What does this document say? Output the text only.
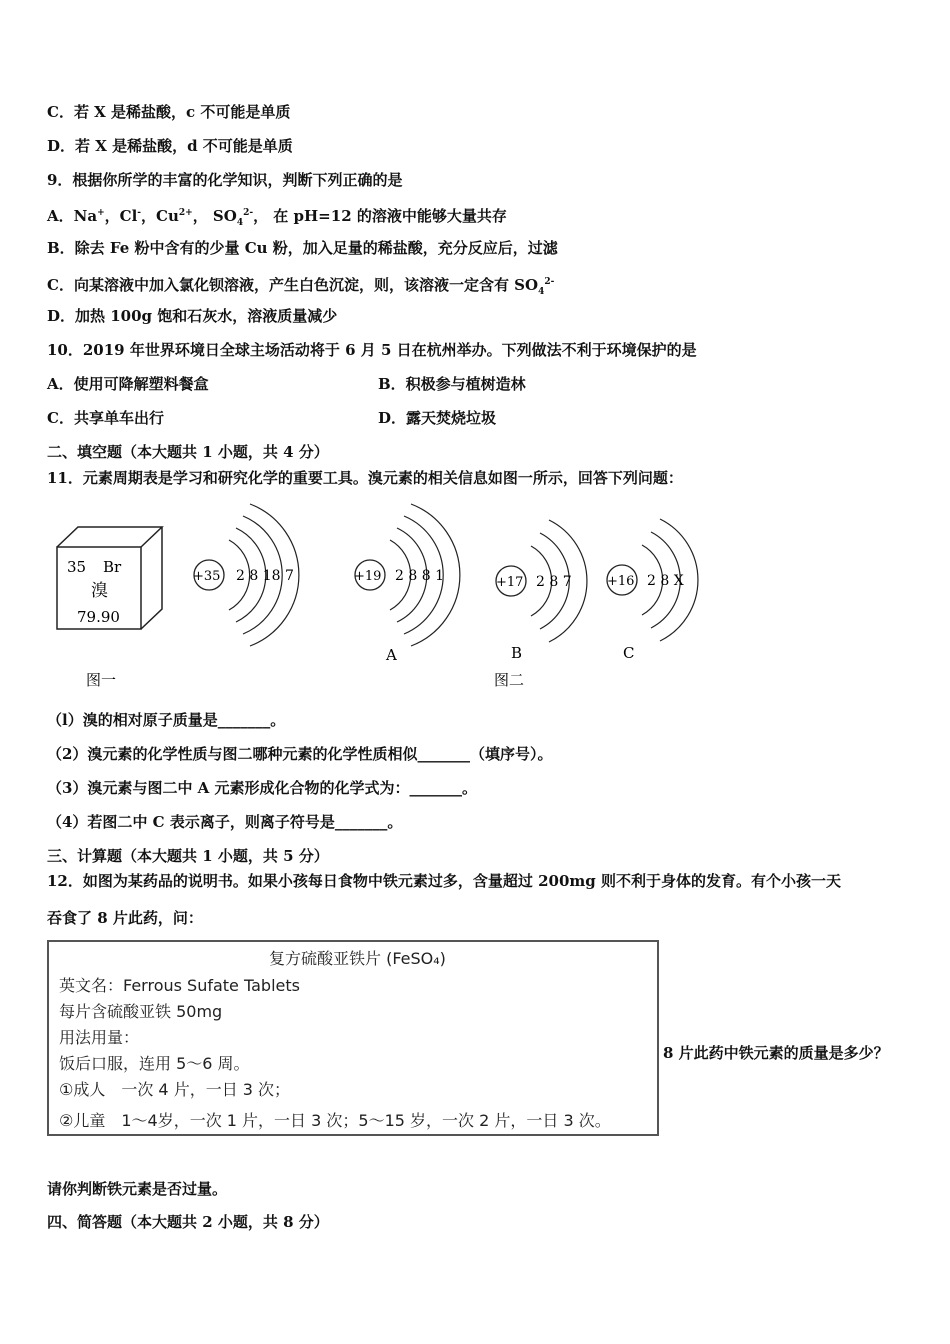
C．若 X 是稀盐酸，c 不可能是单质
D．若 X 是稀盐酸，d 不可能是单质
9．根据你所学的丰富的化学知识，判断下列正确的是
A．Na+，Cl-，$Cu^{2+}$， $SO_4^{2-}$， 在 pH=12 的溶液中能够大量共存
B．除去 Fe 粉中含有的少量 Cu 粉，加入足量的稀盐酸，充分反应后，过滤
C．向某溶液中加入氯化钡溶液，产生白色沉淀，则，该溶液一定含有 $SO_4^{2-}$
D．加热 100g 饱和石灰水，溶液质量减少
10．2019 年世界环境日全球主场活动将于 6 月 5 日在杭州举办。下列做法不利于环境保护的是
A．使用可降解塑料餐盒	B．积极参与植树造林
C．共享单车出行	D．露天焚烧垃圾
二、填空题（本大题共 1 小题，共 4 分）
11．元素周期表是学习和研究化学的重要工具。溴元素的相关信息如图一所示，回答下列问题：
35 Br
溴
79.90
图一
+35 2 8 18 7	+19 2 8 8 1
A
+17 2 8 7
B
+16 2 8 X
C
图二
（l）溴的相对原子质量是_______。
（2）溴元素的化学性质与图二哪种元素的化学性质相似_______（填序号）。
（3）溴元素与图二中 A 元素形成化合物的化学式为：_______。
（4）若图二中 C 表示离子，则离子符号是_______。
三、计算题（本大题共 1 小题，共 5 分）
12．如图为某药品的说明书。如果小孩每日食物中铁元素过多，含量超过 200mg 则不利于身体的发育。有个小孩一天
吞食了 8 片此药，问：
复方硫酸亚铁片 (FeSO₄)
英文名：Ferrous Sufate Tablets
每片含硫酸亚铁 50mg
用法用量：
饭后口服，连用 5～6 周。
①成人　一次 4 片，一日 3 次；
②儿童　1～4岁，一次 1 片，一日 3 次；5～15 岁，一次 2 片，一日 3 次。
8 片此药中铁元素的质量是多少？
请你判断铁元素是否过量。
四、简答题（本大题共 2 小题，共 8 分）
